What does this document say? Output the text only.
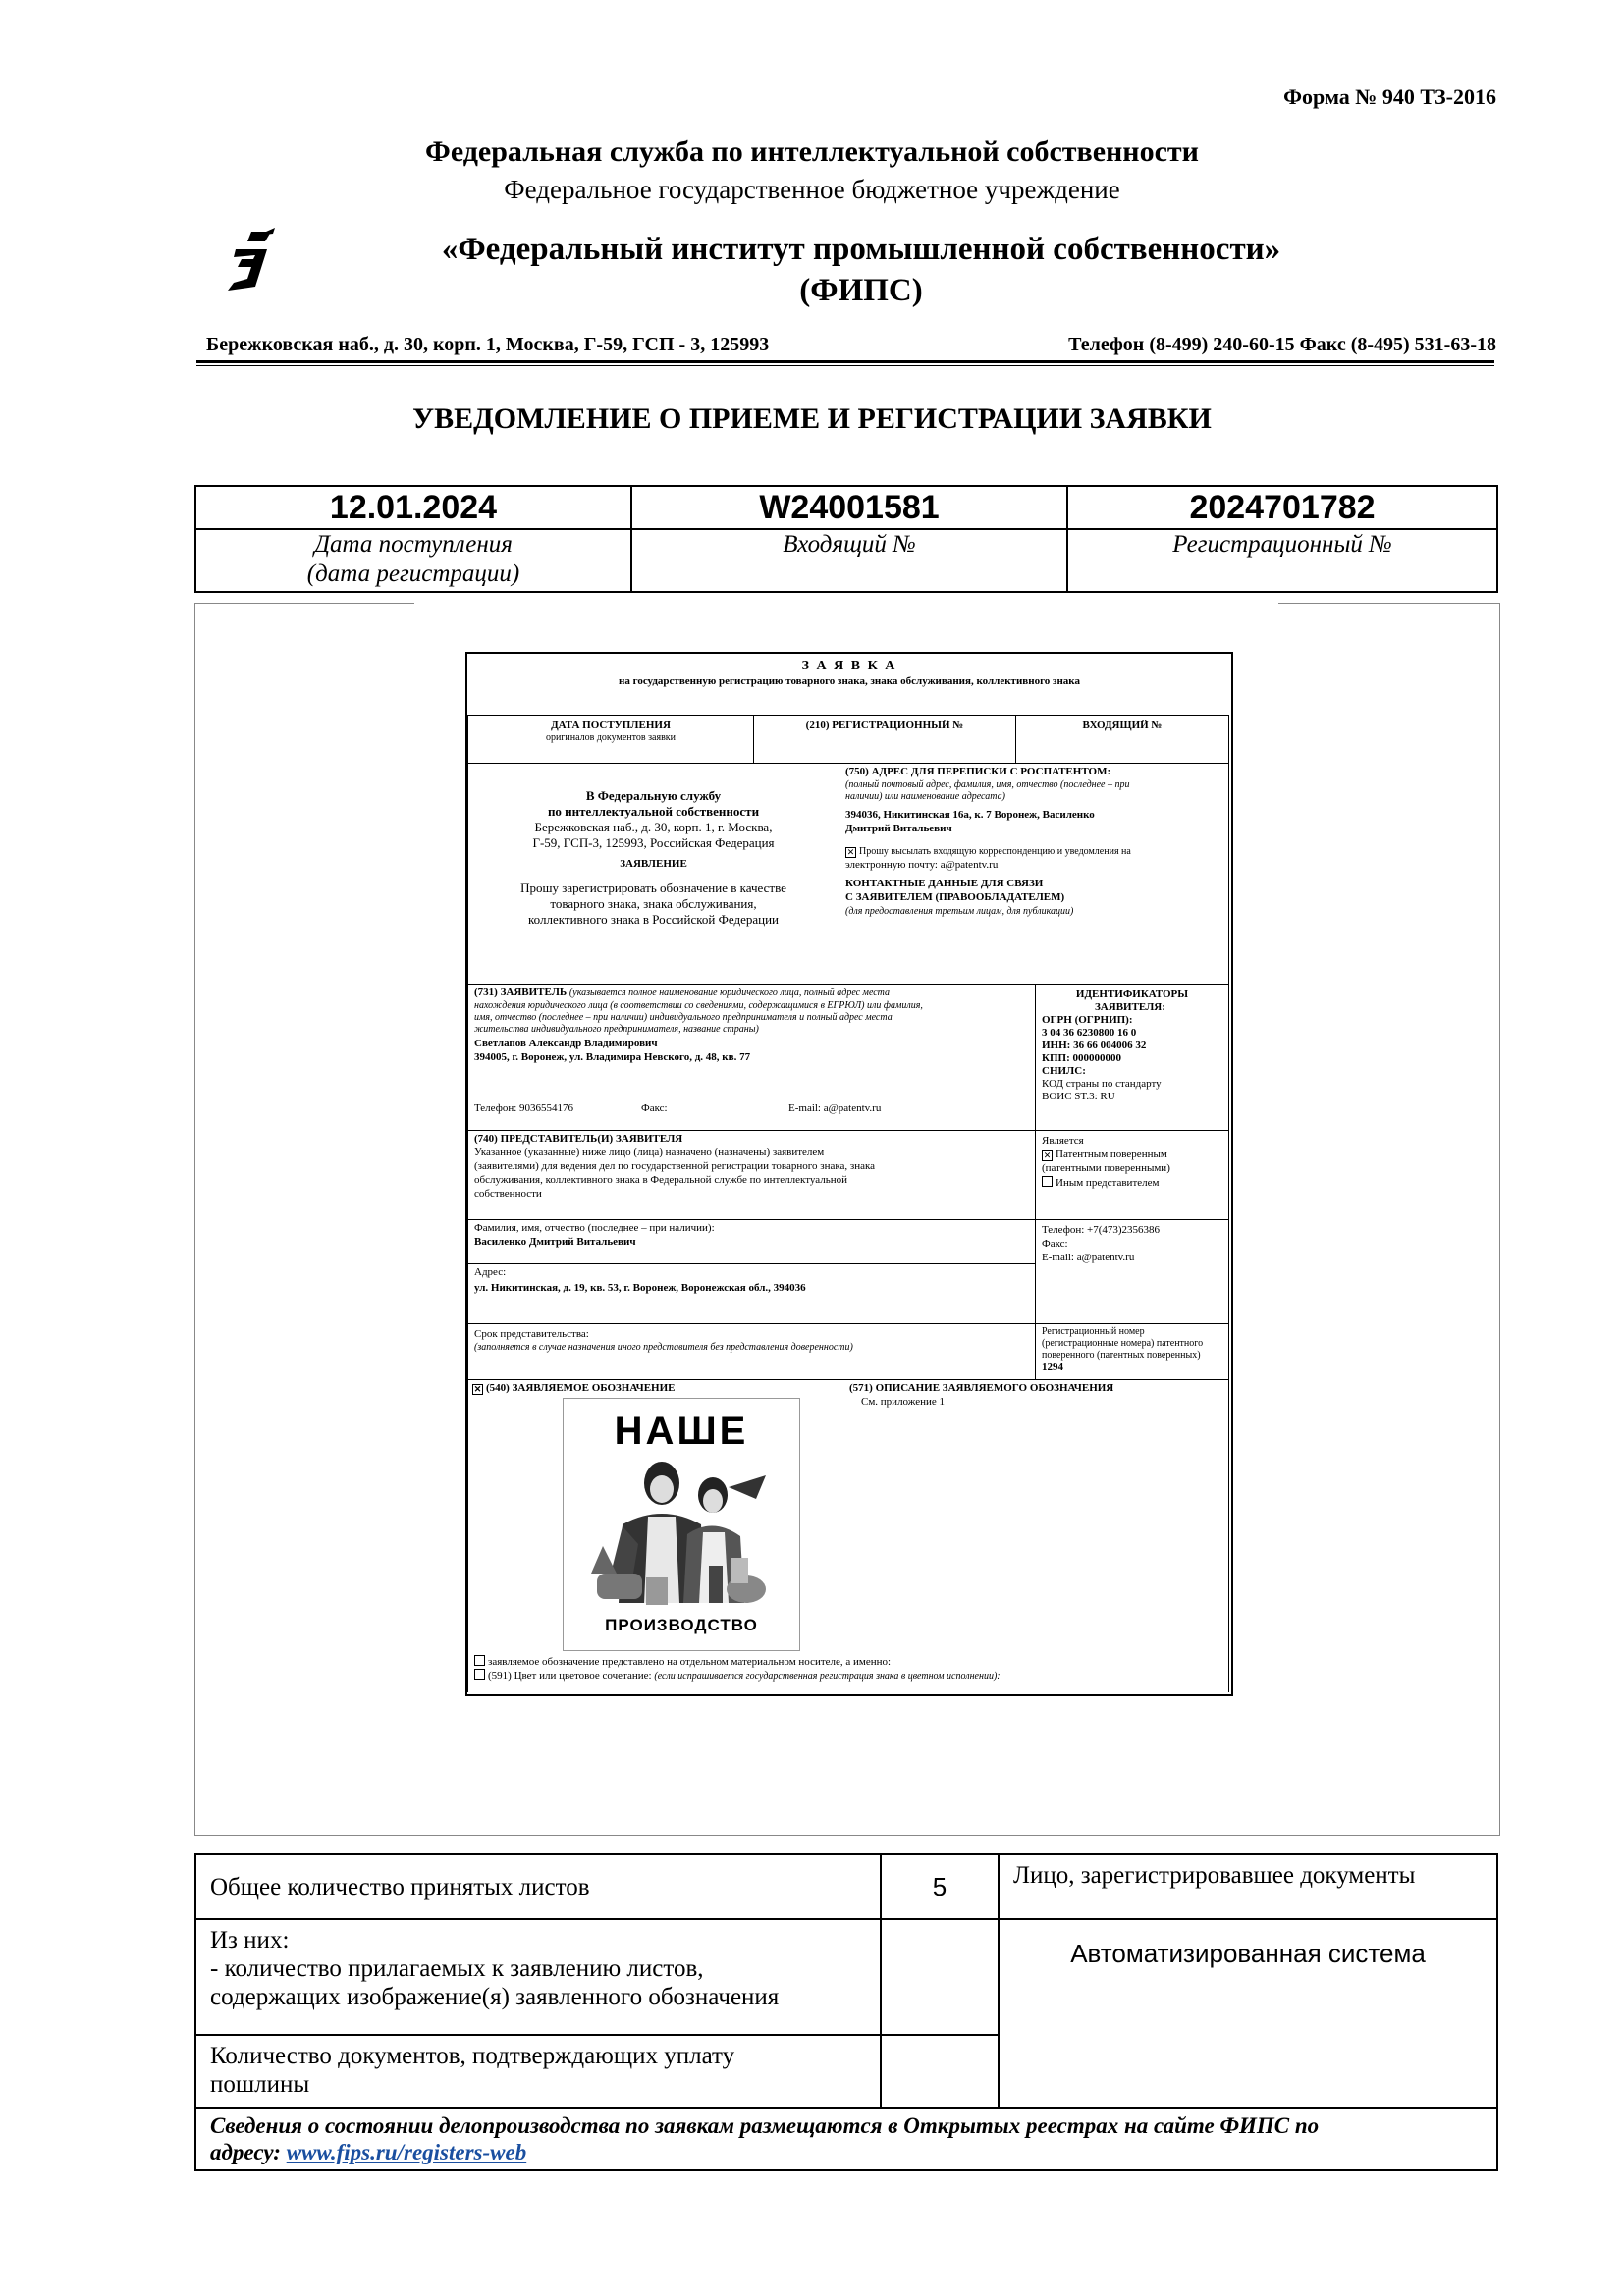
Форма № 940 ТЗ-2016
Федеральная служба по интеллектуальной собственности
Федеральное государственное бюджетное учреждение
«Федеральный институт промышленной собственности»
(ФИПС)
Бережковская наб., д. 30, корп. 1, Москва, Г-59, ГСП - 3, 125993	Телефон (8-499) 240-60-15 Факс (8-495) 531-63-18
УВЕДОМЛЕНИЕ О ПРИЕМЕ И РЕГИСТРАЦИИ ЗАЯВКИ
12.01.2024	W24001581	2024701782

Дата поступления
(дата регистрации)	Входящий №	Регистрационный №
З А Я В К А
на государственную регистрацию товарного знака, знака обслуживания, коллективного знака
ДАТА ПОСТУПЛЕНИЯ
оригиналов документов заявки
(210) РЕГИСТРАЦИОННЫЙ №	ВХОДЯЩИЙ №
В Федеральную службу
по интеллектуальной собственности
Бережковская наб., д. 30, корп. 1, г. Москва,
Г-59, ГСП-3, 125993, Российская Федерация
ЗАЯВЛЕНИЕ
Прошу зарегистрировать обозначение в качестве
товарного знака, знака обслуживания,
коллективного знака в Российской Федерации
(750) АДРЕС ДЛЯ ПЕРЕПИСКИ С РОСПАТЕНТОМ:
(полный почтовый адрес, фамилия, имя, отчество (последнее – при
наличии) или наименование адресата)
394036, Никитинская 16а, к. 7 Воронеж, Василенко
Дмитрий Витальевич
✕ Прошу высылать входящую корреспонденцию и уведомления на
электронную почту: a@patentv.ru
КОНТАКТНЫЕ ДАННЫЕ ДЛЯ СВЯЗИ
С ЗАЯВИТЕЛЕМ (ПРАВООБЛАДАТЕЛЕМ)
(для предоставления третьим лицам, для публикации)
(731) ЗАЯВИТЕЛЬ (указывается полное наименование юридического лица, полный адрес места
нахождения юридического лица (в соответствии со сведениями, содержащимися в ЕГРЮЛ) или фамилия,
имя, отчество (последнее – при наличии) индивидуального предпринимателя и полный адрес места
жительства индивидуального предпринимателя, название страны)
Светлапов Александр Владимирович
394005, г. Воронеж, ул. Владимира Невского, д. 48, кв. 77
Телефон: 9036554176	Факс:	E-mail: a@patentv.ru
ИДЕНТИФИКАТОРЫ
ЗАЯВИТЕЛЯ:
ОГРН (ОГРНИП):
3 04 36 6230800 16 0
ИНН: 36 66 004006 32
КПП: 000000000
СНИЛС:
КОД страны по стандарту
ВОИС ST.3: RU
(740) ПРЕДСТАВИТЕЛЬ(И) ЗАЯВИТЕЛЯ
Указанное (указанные) ниже лицо (лица) назначено (назначены) заявителем
(заявителями) для ведения дел по государственной регистрации товарного знака, знака
обслуживания, коллективного знака в Федеральной службе по интеллектуальной
собственности
Является
✕ Патентным поверенным
(патентными поверенными)
Иным представителем
Фамилия, имя, отчество (последнее – при наличии):
Василенко Дмитрий Витальевич
Адрес:
ул. Никитинская, д. 19, кв. 53, г. Воронеж, Воронежская обл., 394036
Телефон: +7(473)2356386
Факс:
E-mail: a@patentv.ru
Срок представительства:
(заполняется в случае назначения иного представителя без представления доверенности)
Регистрационный номер
(регистрационные номера) патентного
поверенного (патентных поверенных)
1294
✕ (540) ЗАЯВЛЯЕМОЕ ОБОЗНАЧЕНИЕ	(571) ОПИСАНИЕ ЗАЯВЛЯЕМОГО ОБОЗНАЧЕНИЯ
См. приложение 1
НАШЕ
ПРОИЗВОДСТВО
заявляемое обозначение представлено на отдельном материальном носителе, а именно:
(591) Цвет или цветовое сочетание: (если испрашивается государственная регистрация знака в цветном исполнении):
Общее количество принятых листов	5	Лицо, зарегистрировавшее документы

Из них:
- количество прилагаемых к заявлению листов,
содержащих изображение(я) заявленного обозначения		Автоматизированная система

Количество документов, подтверждающих уплату
пошлины		

Сведения о состоянии делопроизводства по заявкам размещаются в Открытых реестрах на сайте ФИПС по
адресу: www.fips.ru/registers-web		
